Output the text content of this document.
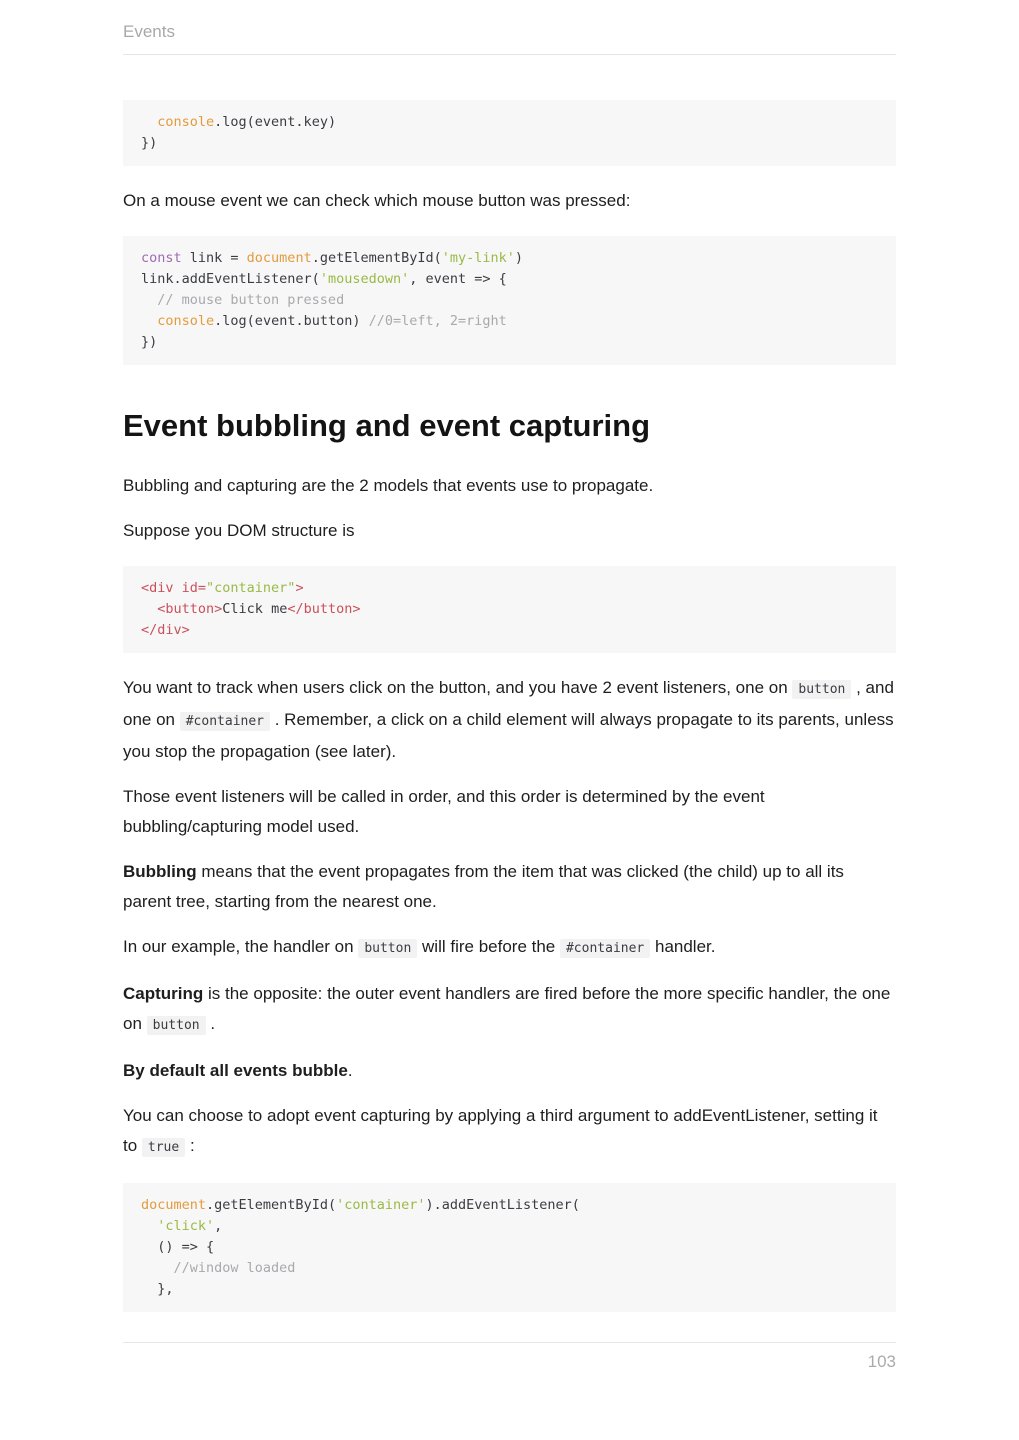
Events
console.log(event.key)
})

On a mouse event we can check which mouse button was pressed:

const link = document.getElementById('my-link')
link.addEventListener('mousedown', event => {
// mouse button pressed
console.log(event.button) //0=left, 2=right
})
Event bubbling and event capturing

Bubbling and capturing are the 2 models that events use to propagate.

Suppose you DOM structure is

<div id="container">
<button>Click me</button>
</div>

You want to track when users click on the button, and you have 2 event listeners, one on button , and one on #container . Remember, a click on a child element will always propagate to its parents, unless you stop the propagation (see later).

Those event listeners will be called in order, and this order is determined by the event bubbling/capturing model used.

Bubbling means that the event propagates from the item that was clicked (the child) up to all its parent tree, starting from the nearest one.

In our example, the handler on button will fire before the #container handler.

Capturing is the opposite: the outer event handlers are fired before the more specific handler, the one on button .

By default all events bubble.

You can choose to adopt event capturing by applying a third argument to addEventListener, setting it to true :

document.getElementById('container').addEventListener(
'click',
() => {
//window loaded
},
103
